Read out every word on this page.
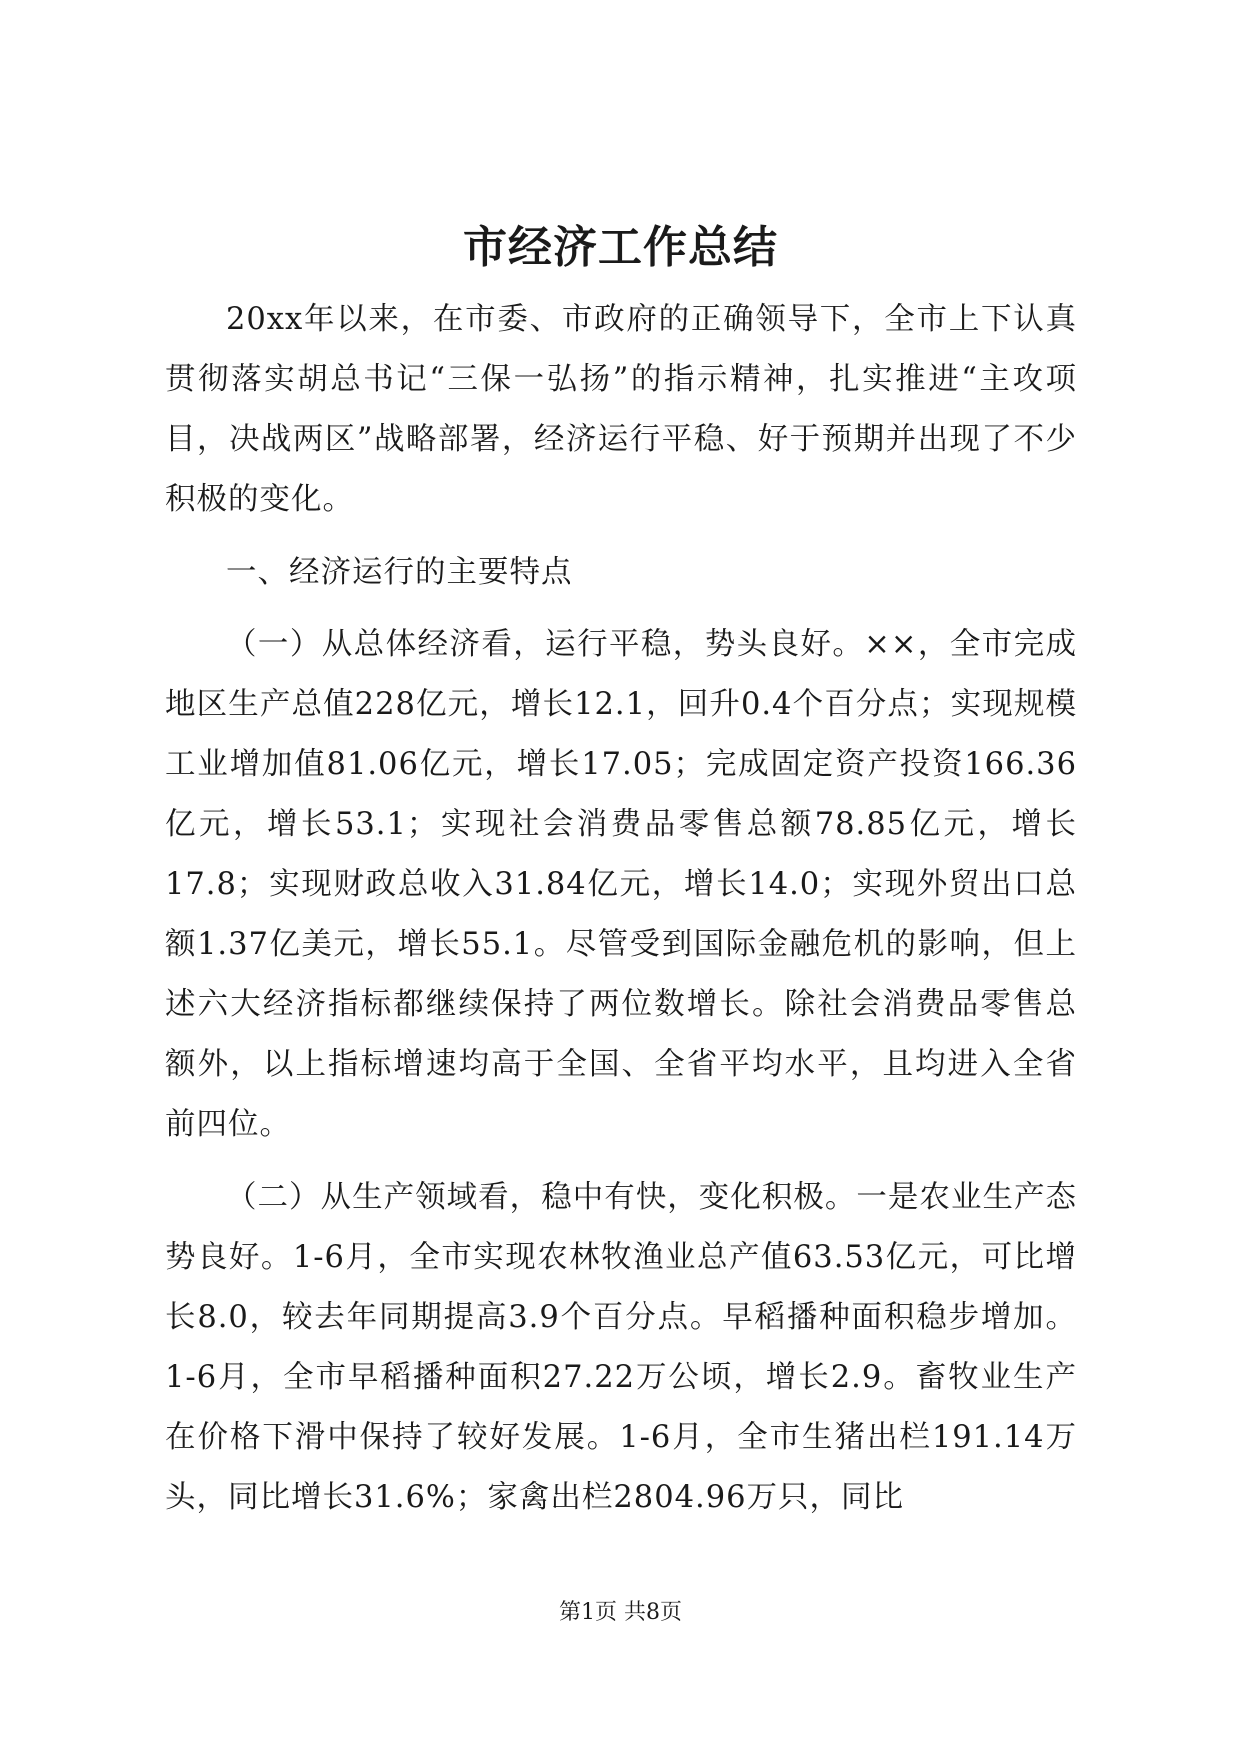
市经济工作总结

20xx年以来，在市委、市政府的正确领导下，全市上下认真贯彻落实胡总书记“三保一弘扬”的指示精神，扎实推进“主攻项目，决战两区”战略部署，经济运行平稳、好于预期并出现了不少积极的变化。

一、经济运行的主要特点

（一）从总体经济看，运行平稳，势头良好。××，全市完成地区生产总值228亿元，增长12.1，回升0.4个百分点；实现规模工业增加值81.06亿元，增长17.05；完成固定资产投资166.36亿元，增长53.1；实现社会消费品零售总额78.85亿元，增长17.8；实现财政总收入31.84亿元，增长14.0；实现外贸出口总额1.37亿美元，增长55.1。尽管受到国际金融危机的影响，但上述六大经济指标都继续保持了两位数增长。除社会消费品零售总额外，以上指标增速均高于全国、全省平均水平，且均进入全省前四位。

（二）从生产领域看，稳中有快，变化积极。一是农业生产态势良好。1-6月，全市实现农林牧渔业总产值63.53亿元，可比增长8.0，较去年同期提高3.9个百分点。早稻播种面积稳步增加。1-6月，全市早稻播种面积27.22万公顷，增长2.9。畜牧业生产在价格下滑中保持了较好发展。1-6月，全市生猪出栏191.14万头，同比增长31.6%；家禽出栏2804.96万只，同比

第1页 共8页
